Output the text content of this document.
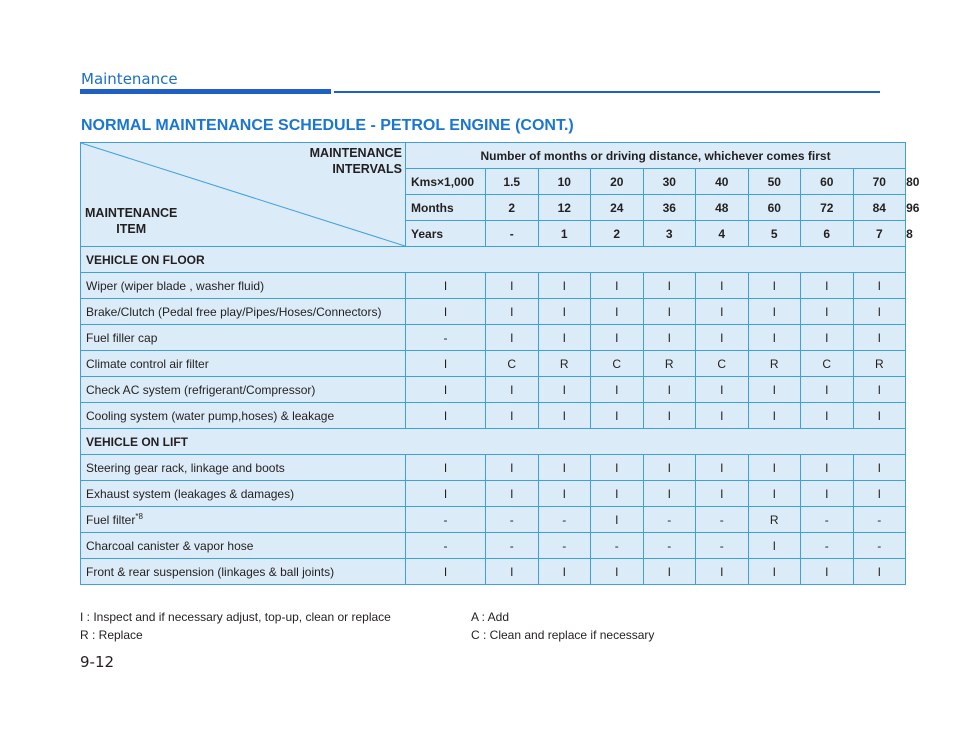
Maintenance
NORMAL MAINTENANCE SCHEDULE - PETROL ENGINE (CONT.)
MAINTENANCE
INTERVALS
MAINTENANCE
ITEM	Number of months or driving distance, whichever comes first									
	Kms×1,000	1.5	10	20	30	40	50	60	70	80
	Months	2	12	24	36	48	60	72	84	96
	Years	-	1	2	3	4	5	6	7	8
VEHICLE ON FLOOR										
Wiper (wiper blade , washer fluid)	I	I	I	I	I	I	I	I	I	
Brake/Clutch (Pedal free play/Pipes/Hoses/Connectors)	I	I	I	I	I	I	I	I	I	
Fuel filler cap	-	I	I	I	I	I	I	I	I	
Climate control air filter	I	C	R	C	R	C	R	C	R	
Check AC system (refrigerant/Compressor)	I	I	I	I	I	I	I	I	I	
Cooling system (water pump,hoses) & leakage	I	I	I	I	I	I	I	I	I	
VEHICLE ON LIFT										
Steering gear rack, linkage and boots	I	I	I	I	I	I	I	I	I	
Exhaust system (leakages & damages)	I	I	I	I	I	I	I	I	I	
Fuel filter$^{*8}$	-	-	-	I	-	-	R	-	-	
Charcoal canister & vapor hose	-	-	-	-	-	-	I	-	-	
Front & rear suspension (linkages & ball joints)	I	I	I	I	I	I	I	I	I	
I : Inspect and if necessary adjust, top-up, clean or replace
R : Replace
A : Add
C : Clean and replace if necessary
9-12
